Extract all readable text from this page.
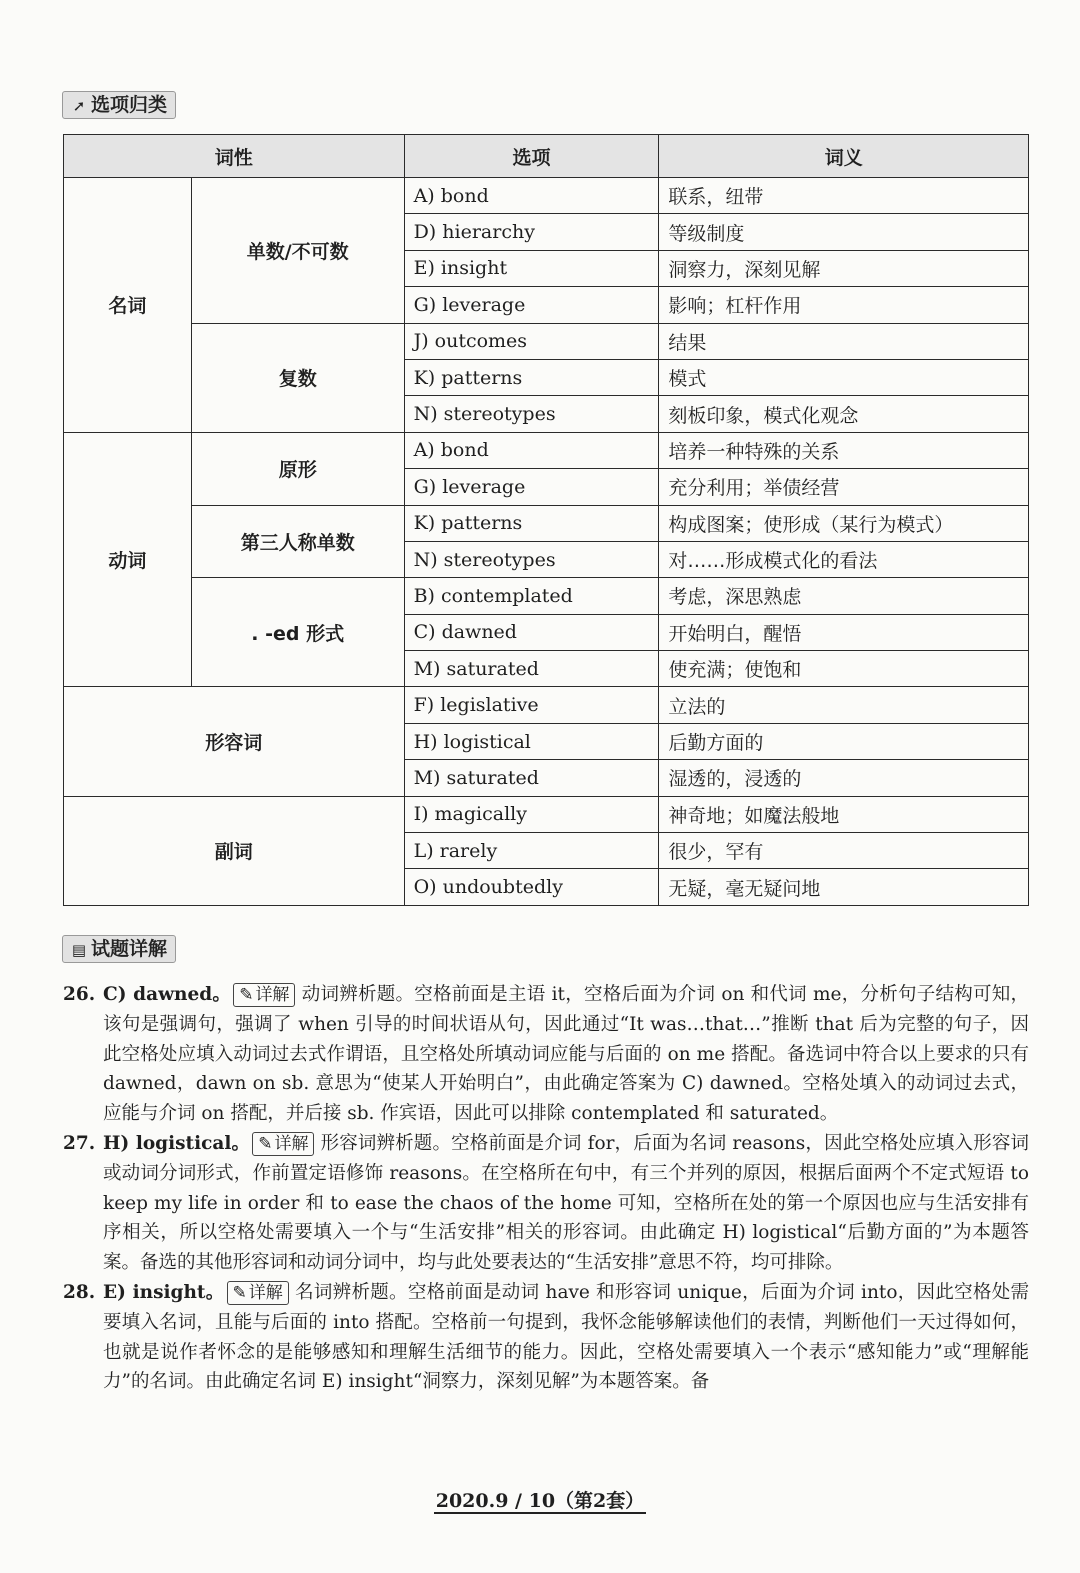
➚ 选项归类
词性		选项	词义
名词	单数/不可数	A) bond	联系，纽带
		D) hierarchy	等级制度
		E) insight	洞察力，深刻见解
		G) leverage	影响；杠杆作用
	复数	J) outcomes	结果
		K) patterns	模式
		N) stereotypes	刻板印象，模式化观念
动词	原形	A) bond	培养一种特殊的关系
		G) leverage	充分利用；举债经营
	第三人称单数	K) patterns	构成图案；使形成（某行为模式）
		N) stereotypes	对……形成模式化的看法
	. -ed 形式	B) contemplated	考虑，深思熟虑
		C) dawned	开始明白，醒悟
		M) saturated	使充满；使饱和
形容词		F) legislative	立法的
		H) logistical	后勤方面的
		M) saturated	湿透的，浸透的
副词		I) magically	神奇地；如魔法般地
		L) rarely	很少，罕有
		O) undoubtedly	无疑，毫无疑问地
▤ 试题详解
26. C) dawned。 ✎ 详解 动词辨析题。空格前面是主语 it，空格后面为介词 on 和代词 me，分析句子结构可知，该句是强调句，强调了 when 引导的时间状语从句，因此通过“It was…that…”推断 that 后为完整的句子，因此空格处应填入动词过去式作谓语，且空格处所填动词应能与后面的 on me 搭配。备选词中符合以上要求的只有 dawned，dawn on sb. 意思为“使某人开始明白”，由此确定答案为 C) dawned。空格处填入的动词过去式，应能与介词 on 搭配，并后接 sb. 作宾语，因此可以排除 contemplated 和 saturated。
27. H) logistical。 ✎ 详解 形容词辨析题。空格前面是介词 for，后面为名词 reasons，因此空格处应填入形容词或动词分词形式，作前置定语修饰 reasons。在空格所在句中，有三个并列的原因，根据后面两个不定式短语 to keep my life in order 和 to ease the chaos of the home 可知，空格所在处的第一个原因也应与生活安排有序相关，所以空格处需要填入一个与“生活安排”相关的形容词。由此确定 H) logistical“后勤方面的”为本题答案。备选的其他形容词和动词分词中，均与此处要表达的“生活安排”意思不符，均可排除。
28. E) insight。 ✎ 详解 名词辨析题。空格前面是动词 have 和形容词 unique，后面为介词 into，因此空格处需要填入名词，且能与后面的 into 搭配。空格前一句提到，我怀念能够解读他们的表情，判断他们一天过得如何，也就是说作者怀念的是能够感知和理解生活细节的能力。因此，空格处需要填入一个表示“感知能力”或“理解能力”的名词。由此确定名词 E) insight“洞察力，深刻见解”为本题答案。备
2020.9 / 10（第2套）
